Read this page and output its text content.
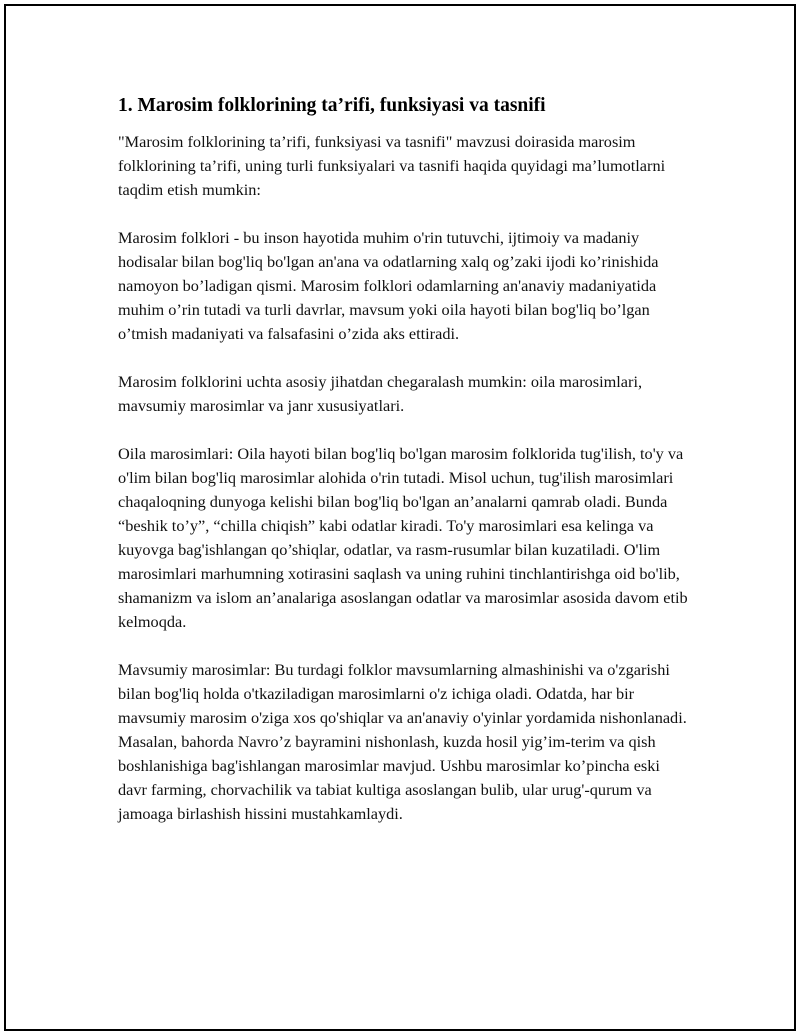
1. Marosim folklorining ta’rifi, funksiyasi va tasnifi

"Marosim folklorining ta’rifi, funksiyasi va tasnifi" mavzusi doirasida marosim folklorining ta’rifi, uning turli funksiyalari va tasnifi haqida quyidagi ma’lumotlarni taqdim etish mumkin:

Marosim folklori - bu inson hayotida muhim o'rin tutuvchi, ijtimoiy va madaniy hodisalar bilan bog'liq bo'lgan an'ana va odatlarning xalq og’zaki ijodi ko’rinishida namoyon bo’ladigan qismi. Marosim folklori odamlarning an'anaviy madaniyatida muhim o’rin tutadi va turli davrlar, mavsum yoki oila hayoti bilan bog'liq bo’lgan o’tmish madaniyati va falsafasini o’zida aks ettiradi.

Marosim folklorini uchta asosiy jihatdan chegaralash mumkin: oila marosimlari, mavsumiy marosimlar va janr xususiyatlari.

Oila marosimlari: Oila hayoti bilan bog'liq bo'lgan marosim folklorida tug'ilish, to'y va o'lim bilan bog'liq marosimlar alohida o'rin tutadi. Misol uchun, tug'ilish marosimlari chaqaloqning dunyoga kelishi bilan bog'liq bo'lgan an’analarni qamrab oladi. Bunda “beshik to’y”, “chilla chiqish” kabi odatlar kiradi. To'y marosimlari esa kelinga va kuyovga bag'ishlangan qo’shiqlar, odatlar, va rasm-rusumlar bilan kuzatiladi. O'lim marosimlari marhumning xotirasini saqlash va uning ruhini tinchlantirishga oid bo'lib, shamanizm va islom an’analariga asoslangan odatlar va marosimlar asosida davom etib kelmoqda.

Mavsumiy marosimlar: Bu turdagi folklor mavsumlarning almashinishi va o'zgarishi bilan bog'liq holda o'tkaziladigan marosimlarni o'z ichiga oladi. Odatda, har bir mavsumiy marosim o'ziga xos qo'shiqlar va an'anaviy o'yinlar yordamida nishonlanadi. Masalan, bahorda Navro’z bayramini nishonlash, kuzda hosil yig’im-terim va qish boshlanishiga bag'ishlangan marosimlar mavjud. Ushbu marosimlar ko’pincha eski davr farming, chorvachilik va tabiat kultiga asoslangan bulib, ular urug'-qurum va jamoaga birlashish hissini mustahkamlaydi.
